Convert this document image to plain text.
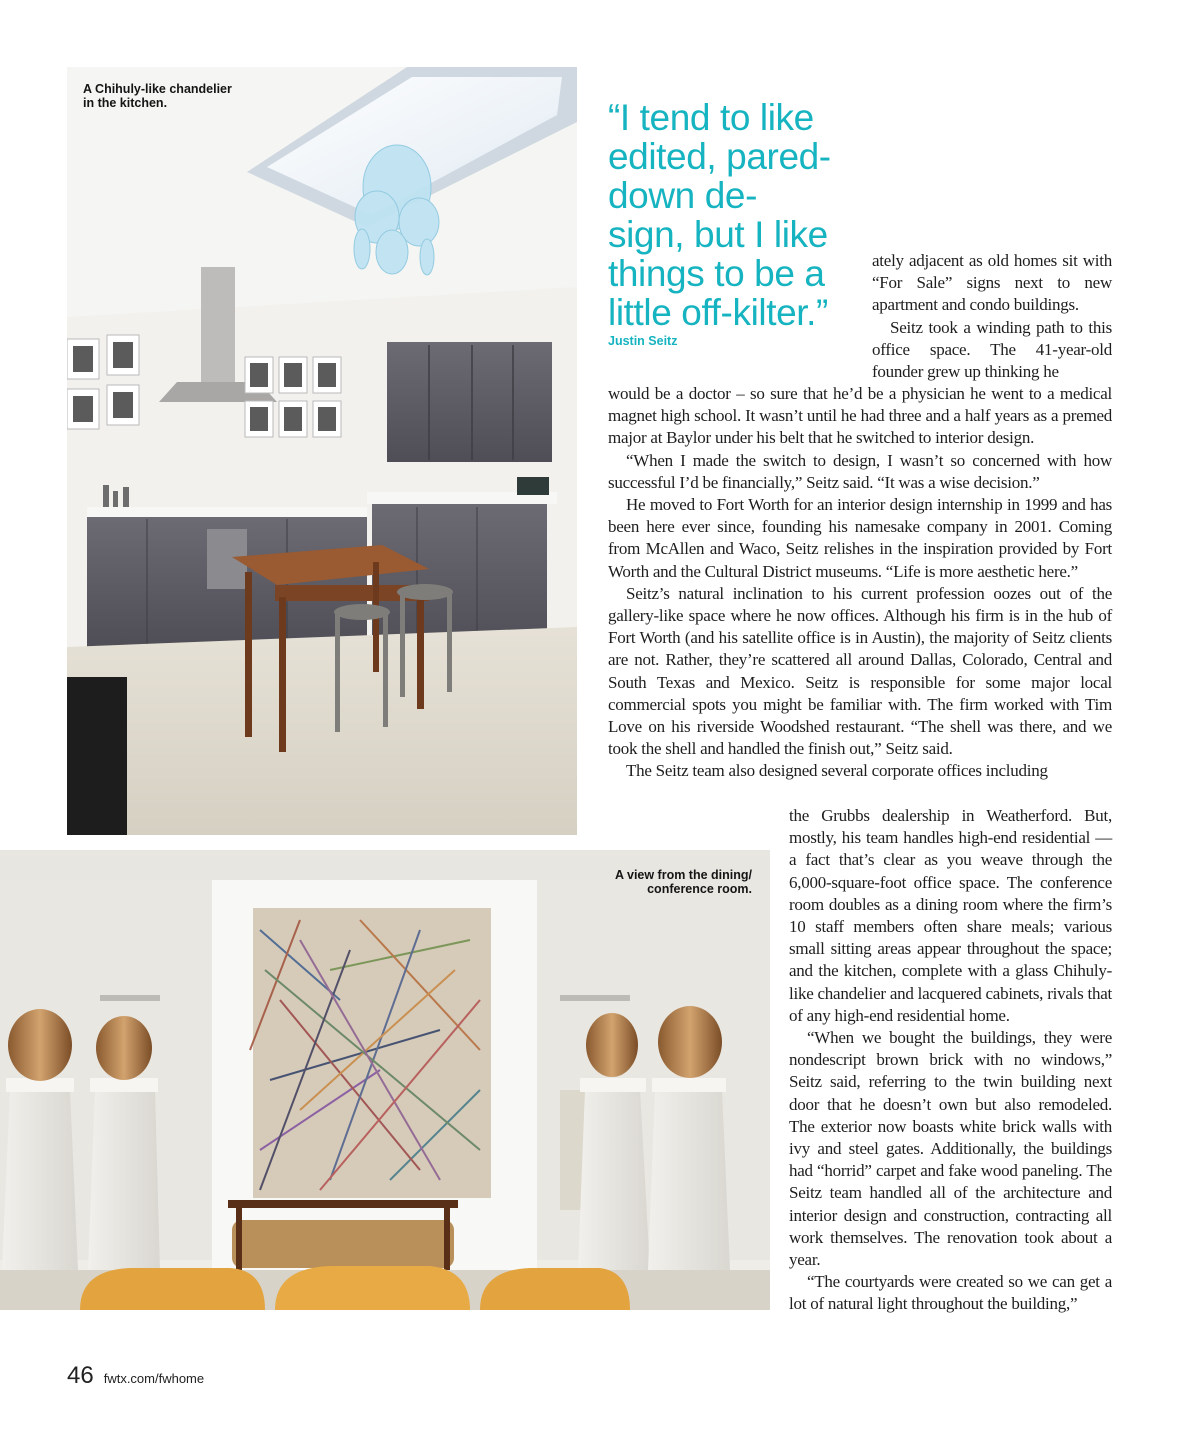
A Chihuly-like chandelier
in the kitchen.	“I tend to like
edited, pared-
down de-
sign, but I like
things to be a
little off-kilter.”
Justin Seitz

ately adjacent as old homes sit with “For Sale” signs next to new apartment and condo buildings.

Seitz took a winding path to this office space. The 41-year-old founder grew up thinking he

would be a doctor – so sure that he’d be a physician he went to a medical magnet high school. It wasn’t until he had three and a half years as a premed major at Baylor under his belt that he switched to interior design.

“When I made the switch to design, I wasn’t so concerned with how successful I’d be financially,” Seitz said. “It was a wise decision.”

He moved to Fort Worth for an interior design internship in 1999 and has been here ever since, founding his namesake company in 2001. Coming from McAllen and Waco, Seitz relishes in the inspiration provided by Fort Worth and the Cultural District museums. “Life is more aesthetic here.”

Seitz’s natural inclination to his current profession oozes out of the gallery-like space where he now offices. Although his firm is in the hub of Fort Worth (and his satellite office is in Austin), the majority of Seitz clients are not. Rather, they’re scattered all around Dallas, Colorado, Central and South Texas and Mexico. Seitz is responsible for some major local commercial spots you might be familiar with. The firm worked with Tim Love on his riverside Woodshed restaurant. “The shell was there, and we took the shell and handled the finish out,” Seitz said.

The Seitz team also designed several corporate offices including

the Grubbs dealership in Weatherford. But, mostly, his team handles high-end residential — a fact that’s clear as you weave through the 6,000-square-foot office space. The conference room doubles as a dining room where the firm’s 10 staff members often share meals; various small sitting areas appear throughout the space; and the kitchen, complete with a glass Chihuly-like chandelier and lacquered cabinets, rivals that of any high-end residential home.

“When we bought the buildings, they were nondescript brown brick with no windows,” Seitz said, referring to the twin building next door that he doesn’t own but also remodeled. The exterior now boasts white brick walls with ivy and steel gates. Additionally, the buildings had “horrid” carpet and fake wood paneling. The Seitz team handled all of the architecture and interior design and construction, contracting all work themselves. The renovation took about a year.

“The courtyards were created so we can get a lot of natural light throughout the building,”

A view from the dining/
conference room.
46 fwtx.com/fwhome
